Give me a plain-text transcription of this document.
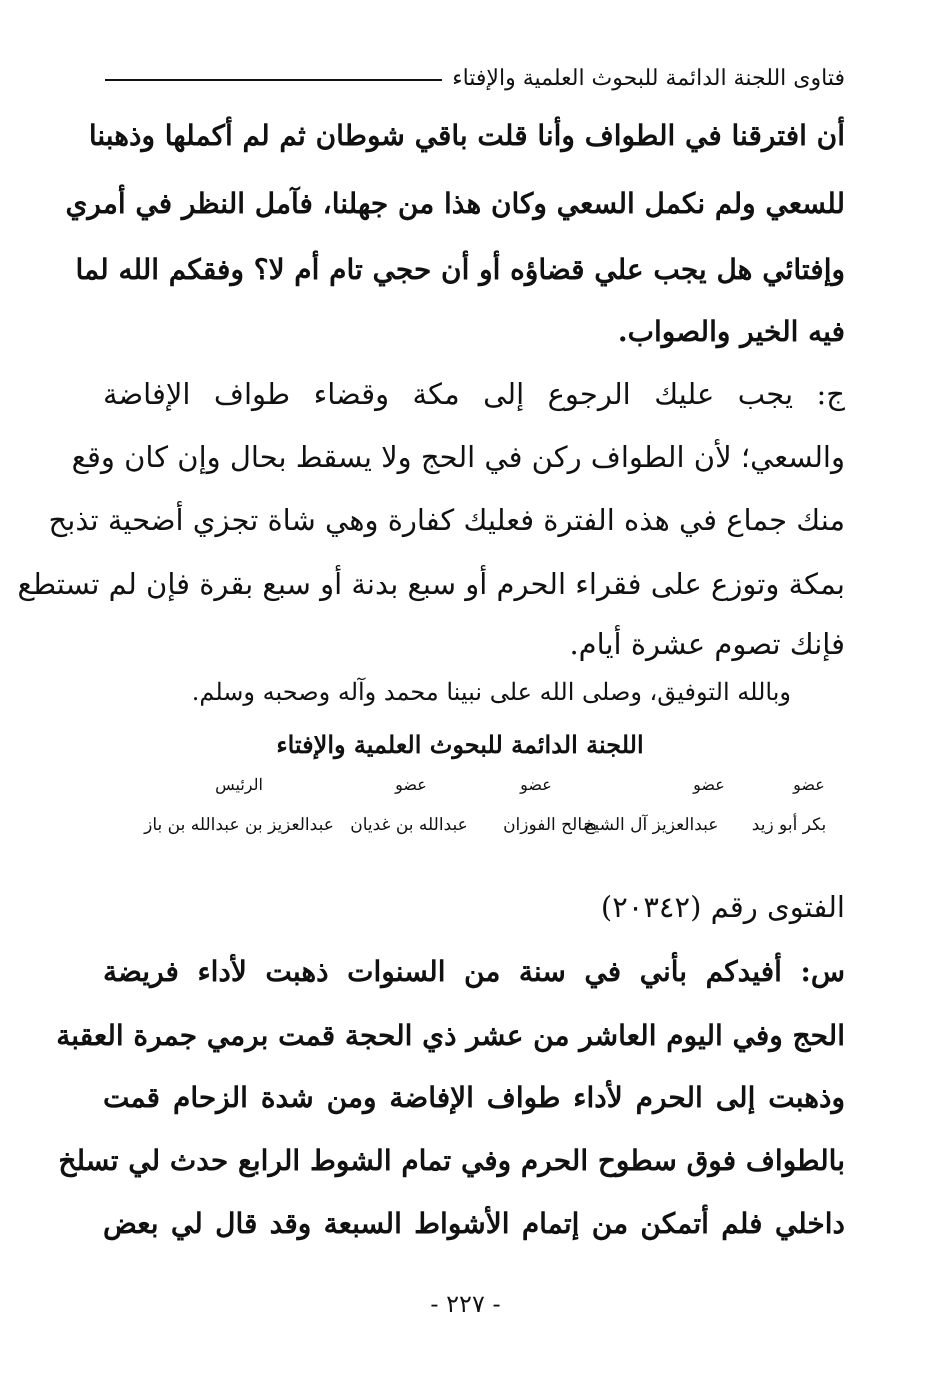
فتاوى اللجنة الدائمة للبحوث العلمية والإفتاء
أن افترقنا في الطواف وأنا قلت باقي شوطان ثم لم أكملها وذهبنا
للسعي ولم نكمل السعي وكان هذا من جهلنا، فآمل النظر في أمري
وإفتائي هل يجب علي قضاؤه أو أن حجي تام أم لا؟ وفقكم الله لما
فيه الخير والصواب.
ج: يجب عليك الرجوع إلى مكة وقضاء طواف الإفاضة
والسعي؛ لأن الطواف ركن في الحج ولا يسقط بحال وإن كان وقع
منك جماع في هذه الفترة فعليك كفارة وهي شاة تجزي أضحية تذبح
بمكة وتوزع على فقراء الحرم أو سبع بدنة أو سبع بقرة فإن لم تستطع
فإنك تصوم عشرة أيام.
وبالله التوفيق، وصلى الله على نبينا محمد وآله وصحبه وسلم.
اللجنة الدائمة للبحوث العلمية والإفتاء
عضو
عضو
عضو
عضو
الرئيس
بكر أبو زيد
عبدالعزيز آل الشيخ
صالح الفوزان
عبدالله بن غديان
عبدالعزيز بن عبدالله بن باز
الفتوى رقم (٢٠٣٤٢)
س: أفيدكم بأني في سنة من السنوات ذهبت لأداء فريضة
الحج وفي اليوم العاشر من عشر ذي الحجة قمت برمي جمرة العقبة
وذهبت إلى الحرم لأداء طواف الإفاضة ومن شدة الزحام قمت
بالطواف فوق سطوح الحرم وفي تمام الشوط الرابع حدث لي تسلخ
داخلي فلم أتمكن من إتمام الأشواط السبعة وقد قال لي بعض
- ٢٢٧ -
